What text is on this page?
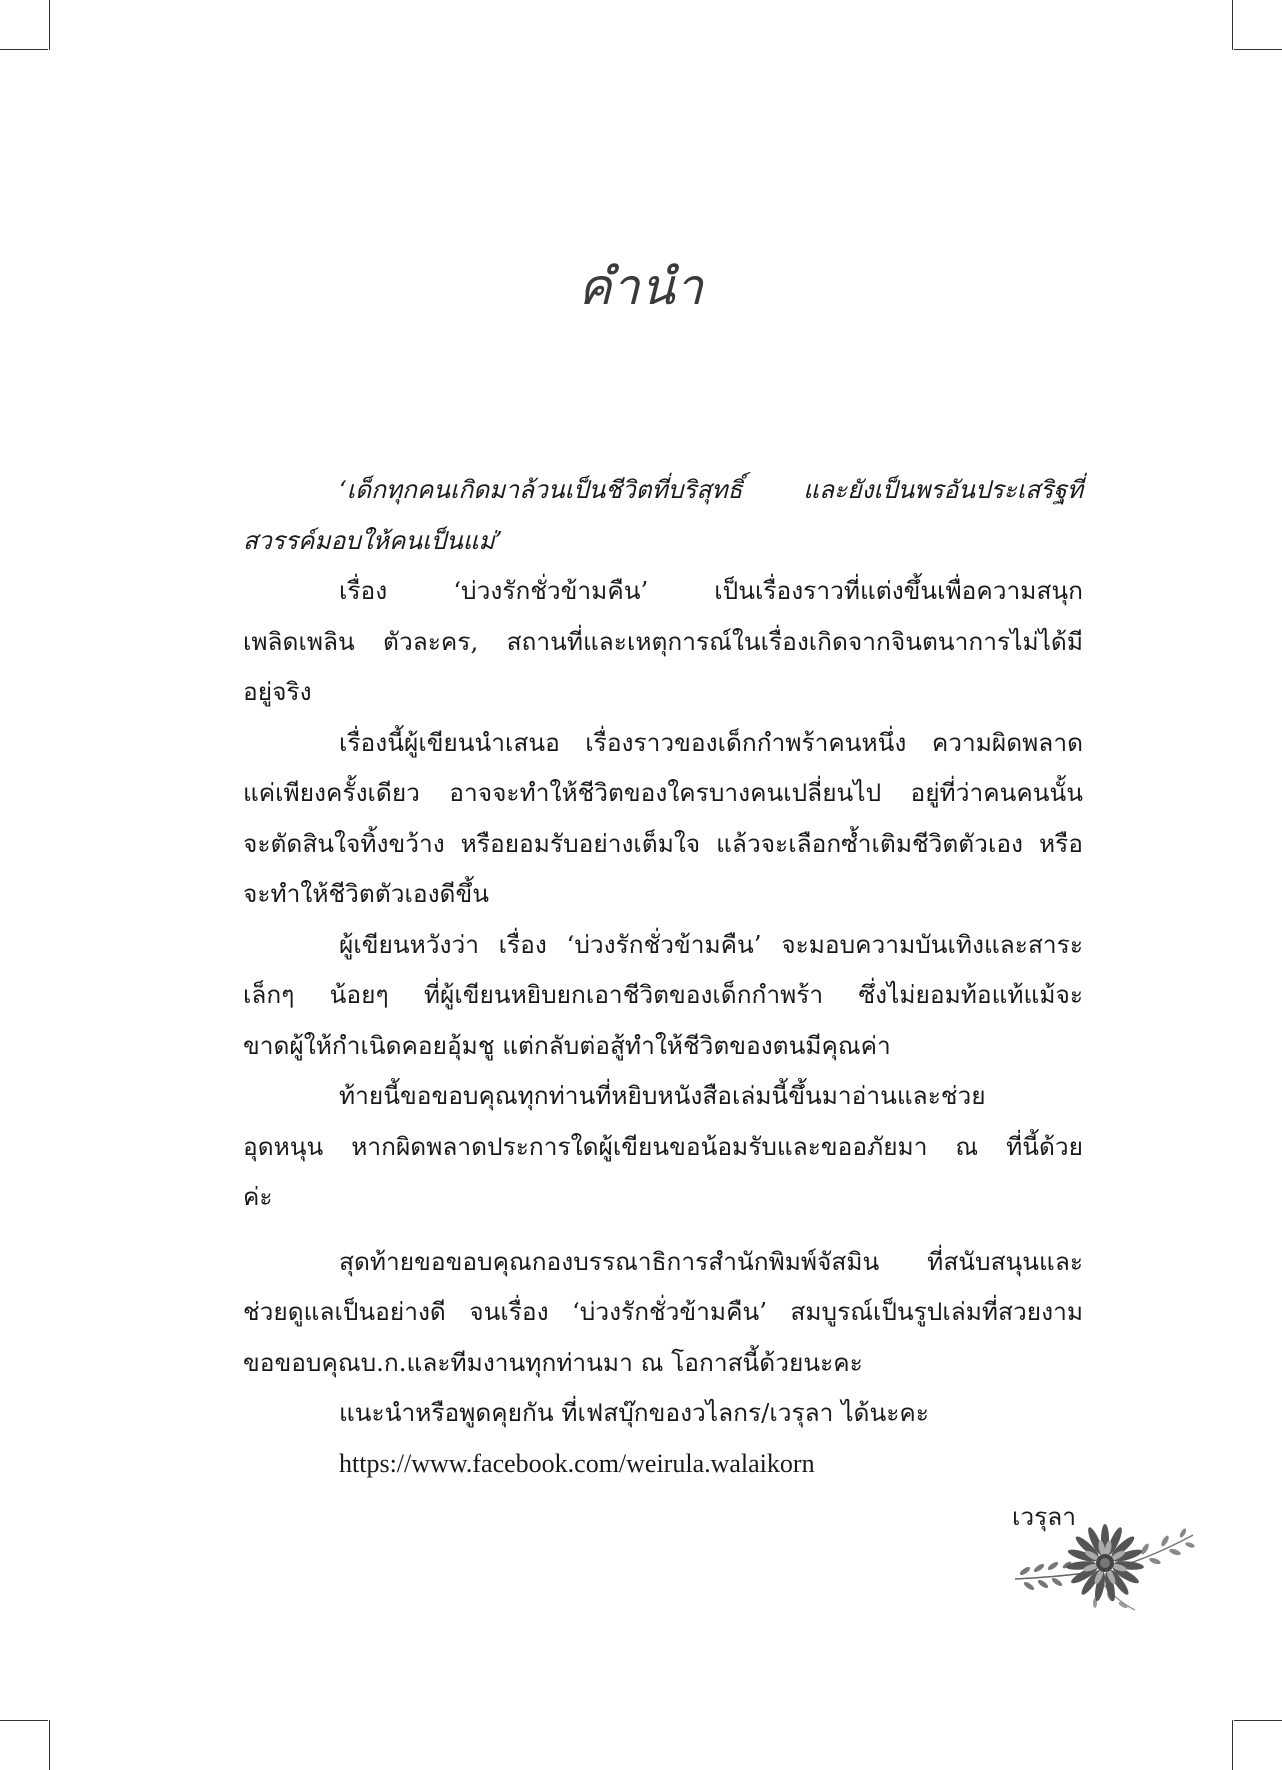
คำนำ
‘เด็กทุกคนเกิดมาล้วนเป็นชีวิตที่บริสุทธิ์ และยังเป็นพรอันประเสริฐที่
สวรรค์มอบให้คนเป็นแม่’
เรื่อง ‘บ่วงรักชั่วข้ามคืน’ เป็นเรื่องราวที่แต่งขึ้นเพื่อความสนุก
เพลิดเพลิน ตัวละคร, สถานที่และเหตุการณ์ในเรื่องเกิดจากจินตนาการไม่ได้มี
อยู่จริง
เรื่องนี้ผู้เขียนนำเสนอ เรื่องราวของเด็กกำพร้าคนหนึ่ง ความผิดพลาด
แค่เพียงครั้งเดียว อาจจะทำให้ชีวิตของใครบางคนเปลี่ยนไป อยู่ที่ว่าคนคนนั้น
จะตัดสินใจทิ้งขว้าง หรือยอมรับอย่างเต็มใจ แล้วจะเลือกซ้ำเติมชีวิตตัวเอง หรือ
จะทำให้ชีวิตตัวเองดีขึ้น
ผู้เขียนหวังว่า เรื่อง ‘บ่วงรักชั่วข้ามคืน’ จะมอบความบันเทิงและสาระ
เล็กๆ น้อยๆ ที่ผู้เขียนหยิบยกเอาชีวิตของเด็กกำพร้า ซึ่งไม่ยอมท้อแท้แม้จะ
ขาดผู้ให้กำเนิดคอยอุ้มชู แต่กลับต่อสู้ทำให้ชีวิตของตนมีคุณค่า
ท้ายนี้ขอขอบคุณทุกท่านที่หยิบหนังสือเล่มนี้ขึ้นมาอ่านและช่วย
อุดหนุน หากผิดพลาดประการใดผู้เขียนขอน้อมรับและขออภัยมา ณ ที่นี้ด้วย
ค่ะ
สุดท้ายขอขอบคุณกองบรรณาธิการสำนักพิมพ์จัสมิน ที่สนับสนุนและ
ช่วยดูแลเป็นอย่างดี จนเรื่อง ‘บ่วงรักชั่วข้ามคืน’ สมบูรณ์เป็นรูปเล่มที่สวยงาม
ขอขอบคุณบ.ก.และทีมงานทุกท่านมา ณ โอกาสนี้ด้วยนะคะ
แนะนำหรือพูดคุยกัน ที่เฟสบุ๊กของวไลกร/เวรุลา ได้นะคะ
https://www.facebook.com/weirula.walaikorn
เวรุลา
